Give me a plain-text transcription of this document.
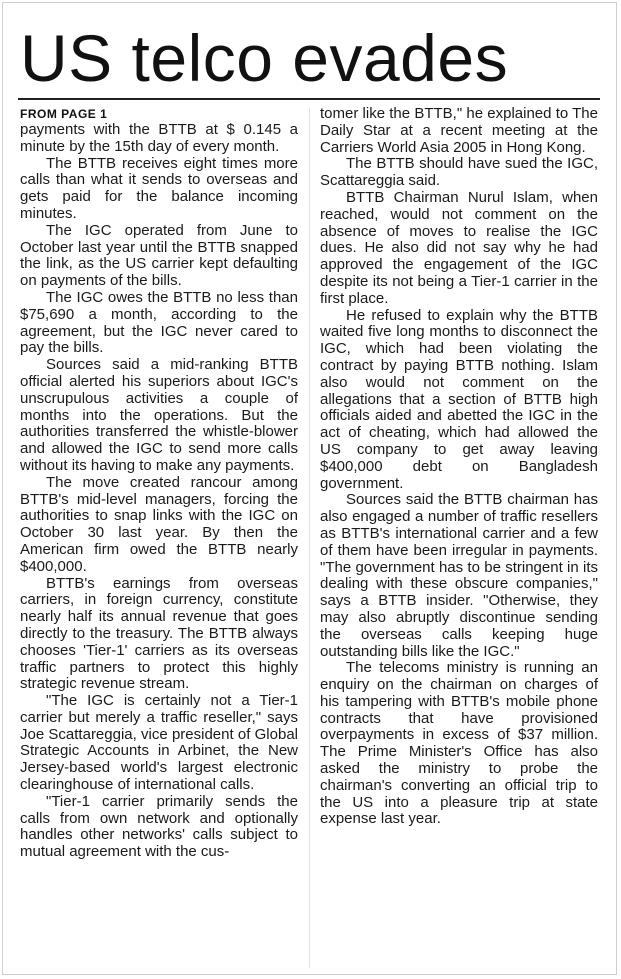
US telco evades
FROM PAGE 1

payments with the BTTB at $ 0.145 a minute by the 15th day of every month.

The BTTB receives eight times more calls than what it sends to overseas and gets paid for the balance incoming minutes.

The IGC operated from June to October last year until the BTTB snapped the link, as the US carrier kept defaulting on payments of the bills.

The IGC owes the BTTB no less than $75,690 a month, according to the agreement, but the IGC never cared to pay the bills.

Sources said a mid-ranking BTTB official alerted his superiors about IGC's unscrupulous activities a couple of months into the operations. But the authorities transferred the whistle-blower and allowed the IGC to send more calls without its having to make any payments.

The move created rancour among BTTB's mid-level managers, forcing the authorities to snap links with the IGC on October 30 last year. By then the American firm owed the BTTB nearly $400,000.

BTTB's earnings from overseas carriers, in foreign currency, constitute nearly half its annual revenue that goes directly to the treasury. The BTTB always chooses 'Tier-1' carriers as its overseas traffic partners to protect this highly strategic revenue stream.

"The IGC is certainly not a Tier-1 carrier but merely a traffic reseller," says Joe Scattareggia, vice president of Global Strategic Accounts in Arbinet, the New Jersey-based world's largest electronic clearinghouse of international calls.

"Tier-1 carrier primarily sends the calls from own network and optionally handles other networks' calls subject to mutual agreement with the cus-

tomer like the BTTB," he explained to The Daily Star at a recent meeting at the Carriers World Asia 2005 in Hong Kong.

The BTTB should have sued the IGC, Scattareggia said.

BTTB Chairman Nurul Islam, when reached, would not comment on the absence of moves to realise the IGC dues. He also did not say why he had approved the engagement of the IGC despite its not being a Tier-1 carrier in the first place.

He refused to explain why the BTTB waited five long months to disconnect the IGC, which had been violating the contract by paying BTTB nothing. Islam also would not comment on the allegations that a section of BTTB high officials aided and abetted the IGC in the act of cheating, which had allowed the US company to get away leaving $400,000 debt on Bangladesh government.

Sources said the BTTB chairman has also engaged a number of traffic resellers as BTTB's international carrier and a few of them have been irregular in payments. "The government has to be stringent in its dealing with these obscure companies," says a BTTB insider. "Otherwise, they may also abruptly discontinue sending the overseas calls keeping huge outstanding bills like the IGC."

The telecoms ministry is running an enquiry on the chairman on charges of his tampering with BTTB's mobile phone contracts that have provisioned overpayments in excess of $37 million. The Prime Minister's Office has also asked the ministry to probe the chairman's converting an official trip to the US into a pleasure trip at state expense last year.
